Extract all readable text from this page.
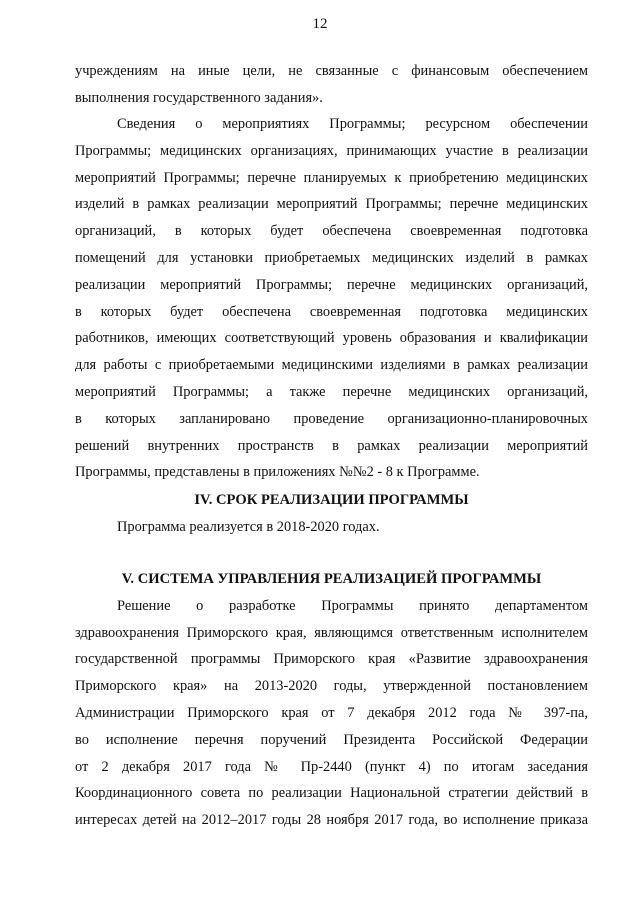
12
учреждениям на иные цели, не связанные с финансовым обеспечением
выполнения государственного задания».
Сведения о мероприятиях Программы; ресурсном обеспечении
Программы; медицинских организациях, принимающих участие в реализации
мероприятий Программы; перечне планируемых к приобретению медицинских
изделий в рамках реализации мероприятий Программы; перечне медицинских
организаций, в которых будет обеспечена своевременная подготовка
помещений для установки приобретаемых медицинских изделий в рамках
реализации мероприятий Программы; перечне медицинских организаций,
в которых будет обеспечена своевременная подготовка медицинских
работников, имеющих соответствующий уровень образования и квалификации
для работы с приобретаемыми медицинскими изделиями в рамках реализации
мероприятий Программы; а также перечне медицинских организаций,
в которых запланировано проведение организационно-планировочных
решений внутренних пространств в рамках реализации мероприятий
Программы, представлены в приложениях №№2 - 8 к Программе.
IV. СРОК РЕАЛИЗАЦИИ ПРОГРАММЫ
Программа реализуется в 2018-2020 годах.
V. СИСТЕМА УПРАВЛЕНИЯ РЕАЛИЗАЦИЕЙ ПРОГРАММЫ
Решение о разработке Программы принято департаментом
здравоохранения Приморского края, являющимся ответственным исполнителем
государственной программы Приморского края «Развитие здравоохранения
Приморского края» на 2013-2020 годы, утвержденной постановлением
Администрации Приморского края от 7 декабря 2012 года № 397-па,
во исполнение перечня поручений Президента Российской Федерации
от 2 декабря 2017 года № Пр-2440 (пункт 4) по итогам заседания
Координационного совета по реализации Национальной стратегии действий в
интересах детей на 2012–2017 годы 28 ноября 2017 года, во исполнение приказа
